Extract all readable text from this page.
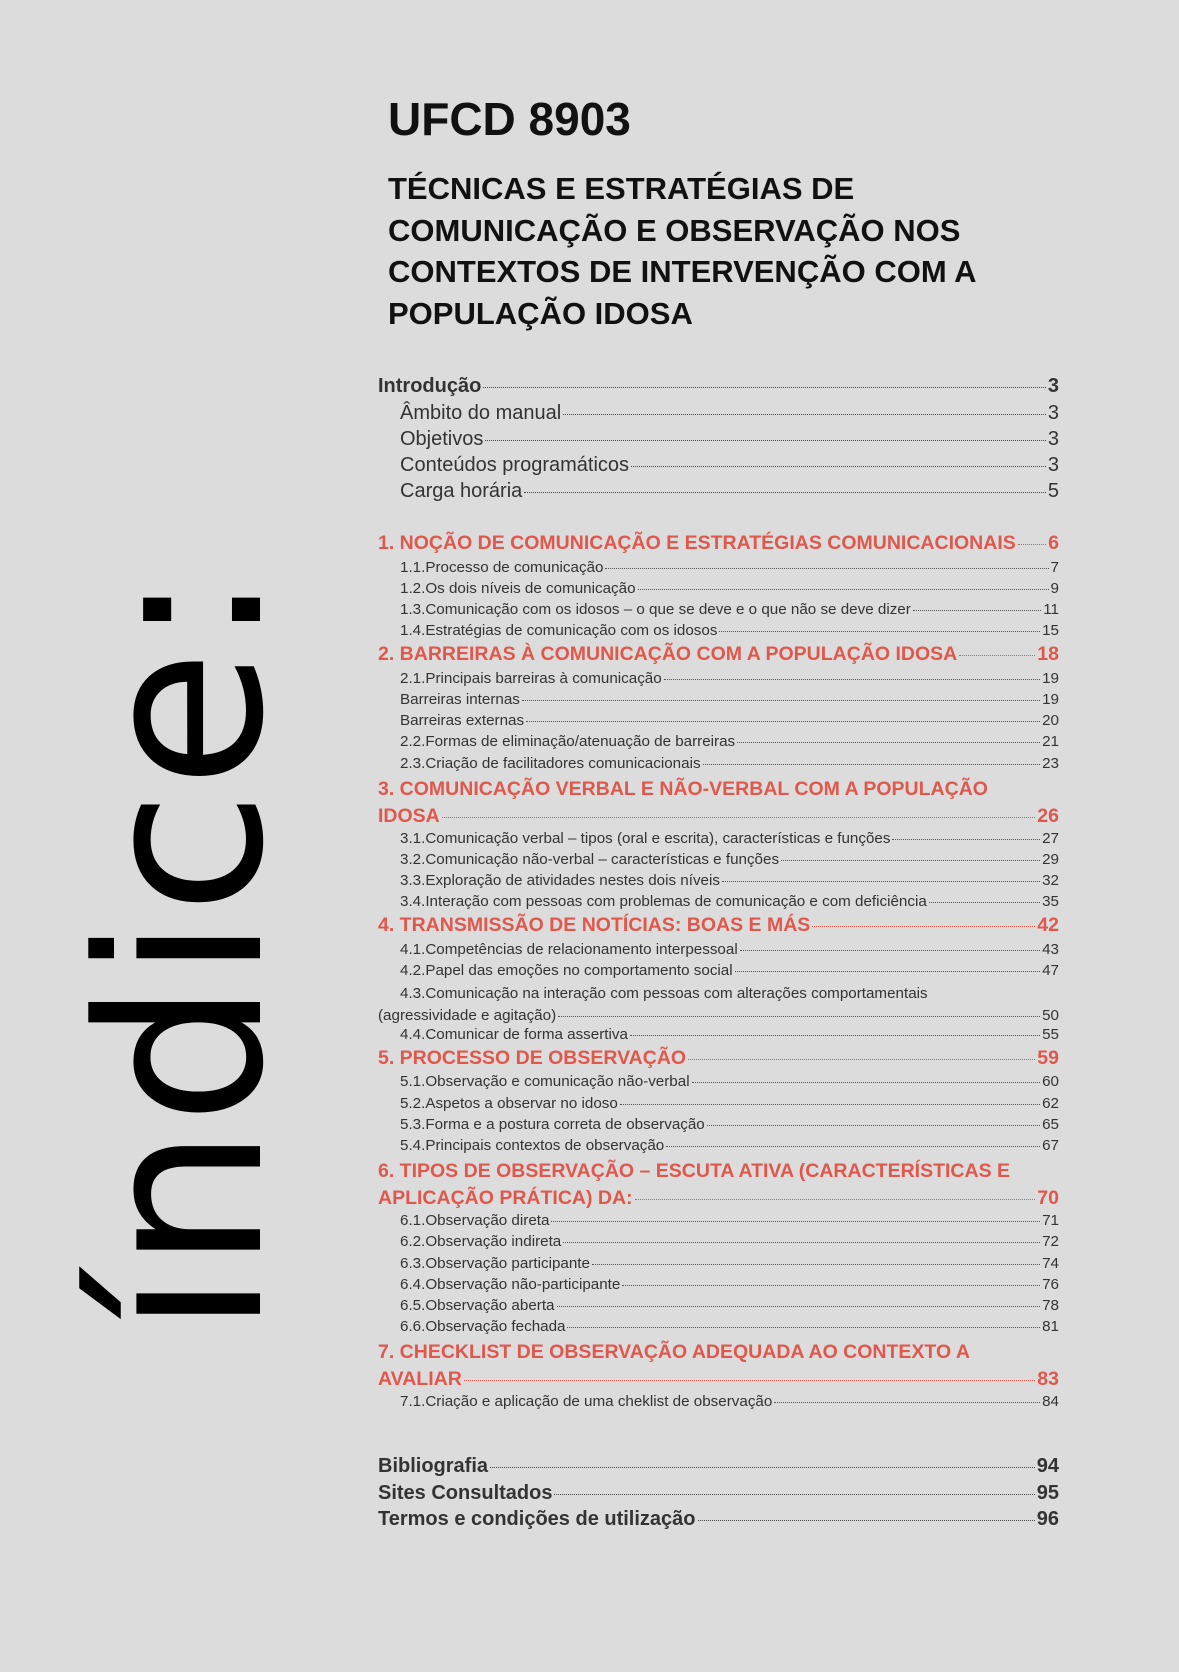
índice:
UFCD 8903
TÉCNICAS E ESTRATÉGIAS DE COMUNICAÇÃO E OBSERVAÇÃO NOS CONTEXTOS DE INTERVENÇÃO COM A POPULAÇÃO IDOSA
Introdução	3
Âmbito do manual	3
Objetivos	3
Conteúdos programáticos	3
Carga horária	5
1. NOÇÃO DE COMUNICAÇÃO E ESTRATÉGIAS COMUNICACIONAIS 6
1.1.Processo de comunicação	7
1.2.Os dois níveis de comunicação	9
1.3.Comunicação com os idosos – o que se deve e o que não se deve dizer	11
1.4.Estratégias de comunicação com os idosos	15
2. BARREIRAS À COMUNICAÇÃO COM A POPULAÇÃO IDOSA	18
2.1.Principais barreiras à comunicação	19
Barreiras internas	19
Barreiras externas	20
2.2.Formas de eliminação/atenuação de barreiras	21
2.3.Criação de facilitadores comunicacionais	23
3. COMUNICAÇÃO VERBAL E NÃO-VERBAL COM A POPULAÇÃO
IDOSA	26
3.1.Comunicação verbal – tipos (oral e escrita), características e funções	27
3.2.Comunicação não-verbal – características e funções	29
3.3.Exploração de atividades nestes dois níveis	32
3.4.Interação com pessoas com problemas de comunicação e com deficiência	35
4. TRANSMISSÃO DE NOTÍCIAS: BOAS E MÁS	42
4.1.Competências de relacionamento interpessoal	43
4.2.Papel das emoções no comportamento social	47
4.3.Comunicação na interação com pessoas com alterações comportamentais
(agressividade e agitação)	50
4.4.Comunicar de forma assertiva	55
5. PROCESSO DE OBSERVAÇÃO	59
5.1.Observação e comunicação não-verbal	60
5.2.Aspetos a observar no idoso	62
5.3.Forma e a postura correta de observação	65
5.4.Principais contextos de observação	67
6. TIPOS DE OBSERVAÇÃO – ESCUTA ATIVA (CARACTERÍSTICAS E
APLICAÇÃO PRÁTICA) DA:	70
6.1.Observação direta	71
6.2.Observação indireta	72
6.3.Observação participante	74
6.4.Observação não-participante	76
6.5.Observação aberta	78
6.6.Observação fechada	81
7. CHECKLIST DE OBSERVAÇÃO ADEQUADA AO CONTEXTO A
AVALIAR	83
7.1.Criação e aplicação de uma cheklist de observação	84
Bibliografia	94
Sites Consultados	95
Termos e condições de utilização	96
